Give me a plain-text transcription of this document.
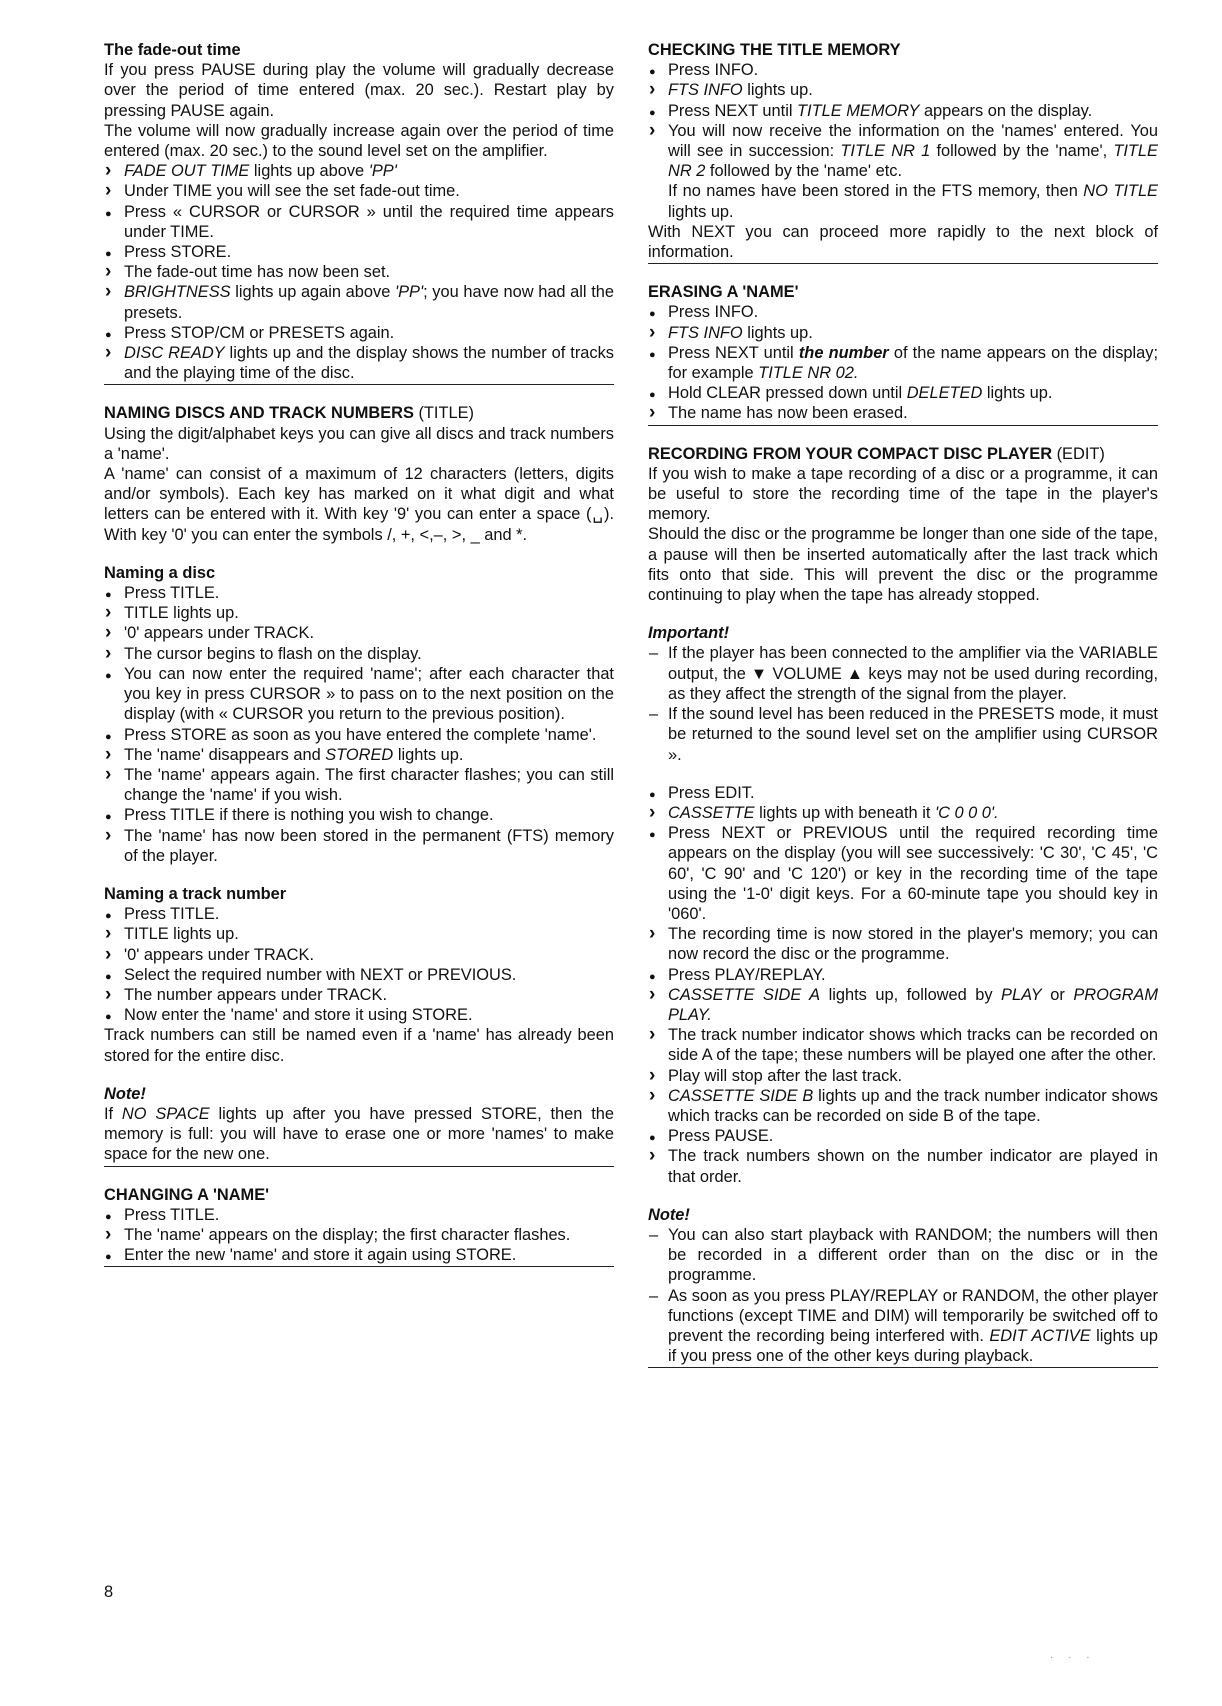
The fade-out time

If you press PAUSE during play the volume will gradually decrease over the period of time entered (max. 20 sec.). Restart play by pressing PAUSE again.

The volume will now gradually increase again over the period of time entered (max. 20 sec.) to the sound level set on the amplifier.

›
FADE OUT TIME lights up above 'PP'
›
Under TIME you will see the set fade-out time.
●
Press « CURSOR or CURSOR » until the required time appears under TIME.
●
Press STORE.
›
The fade-out time has now been set.
›
BRIGHTNESS lights up again above 'PP'; you have now had all the presets.
●
Press STOP/CM or PRESETS again.
›
DISC READY lights up and the display shows the number of tracks and the playing time of the disc.
NAMING DISCS AND TRACK NUMBERS (TITLE)

Using the digit/alphabet keys you can give all discs and track numbers a 'name'.

A 'name' can consist of a maximum of 12 characters (letters, digits and/or symbols). Each key has marked on it what digit and what letters can be entered with it. With key '9' you can enter a space (␣). With key '0' you can enter the symbols /, +, <,–, >, _ and *.

Naming a disc
●
Press TITLE.
›
TITLE lights up.
›
'0' appears under TRACK.
›
The cursor begins to flash on the display.
●
You can now enter the required 'name'; after each character that you key in press CURSOR » to pass on to the next position on the display (with « CURSOR you return to the previous position).
●
Press STORE as soon as you have entered the complete 'name'.
›
The 'name' disappears and STORED lights up.
›
The 'name' appears again. The first character flashes; you can still change the 'name' if you wish.
●
Press TITLE if there is nothing you wish to change.
›
The 'name' has now been stored in the permanent (FTS) memory of the player.
Naming a track number
●
Press TITLE.
›
TITLE lights up.
›
'0' appears under TRACK.
●
Select the required number with NEXT or PREVIOUS.
›
The number appears under TRACK.
●
Now enter the 'name' and store it using STORE.

Track numbers can still be named even if a 'name' has already been stored for the entire disc.

Note!

If NO SPACE lights up after you have pressed STORE, then the memory is full: you will have to erase one or more 'names' to make space for the new one.

CHANGING A 'NAME'
●
Press TITLE.
›
The 'name' appears on the display; the first character flashes.
●
Enter the new 'name' and store it again using STORE.
CHECKING THE TITLE MEMORY
●
Press INFO.
›
FTS INFO lights up.
●
Press NEXT until TITLE MEMORY appears on the display.
›
You will now receive the information on the 'names' entered. You will see in succession: TITLE NR 1 followed by the 'name', TITLE NR 2 followed by the 'name' etc.
If no names have been stored in the FTS memory, then NO TITLE lights up.

With NEXT you can proceed more rapidly to the next block of information.

ERASING A 'NAME'
●
Press INFO.
›
FTS INFO lights up.
●
Press NEXT until the number of the name appears on the display; for example TITLE NR 02.
●
Hold CLEAR pressed down until DELETED lights up.
›
The name has now been erased.
RECORDING FROM YOUR COMPACT DISC PLAYER (EDIT)

If you wish to make a tape recording of a disc or a programme, it can be useful to store the recording time of the tape in the player's memory.

Should the disc or the programme be longer than one side of the tape, a pause will then be inserted automatically after the last track which fits onto that side. This will prevent the disc or the programme continuing to play when the tape has already stopped.

Important!
–
If the player has been connected to the amplifier via the VARIABLE output, the ▼ VOLUME ▲ keys may not be used during recording, as they affect the strength of the signal from the player.
–
If the sound level has been reduced in the PRESETS mode, it must be returned to the sound level set on the amplifier using CURSOR ».
●
Press EDIT.
›
CASSETTE lights up with beneath it 'C 0 0 0'.
●
Press NEXT or PREVIOUS until the required recording time appears on the display (you will see successively: 'C 30', 'C 45', 'C 60', 'C 90' and 'C 120') or key in the recording time of the tape using the '1-0' digit keys. For a 60-minute tape you should key in '060'.
›
The recording time is now stored in the player's memory; you can now record the disc or the programme.
●
Press PLAY/REPLAY.
›
CASSETTE SIDE A lights up, followed by PLAY or PROGRAM PLAY.
›
The track number indicator shows which tracks can be recorded on side A of the tape; these numbers will be played one after the other.
›
Play will stop after the last track.
›
CASSETTE SIDE B lights up and the track number indicator shows which tracks can be recorded on side B of the tape.
●
Press PAUSE.
›
The track numbers shown on the number indicator are played in that order.
Note!
–
You can also start playback with RANDOM; the numbers will then be recorded in a different order than on the disc or in the programme.
–
As soon as you press PLAY/REPLAY or RANDOM, the other player functions (except TIME and DIM) will temporarily be switched off to prevent the recording being interfered with. EDIT ACTIVE lights up if you press one of the other keys during playback.
8
· · ·
